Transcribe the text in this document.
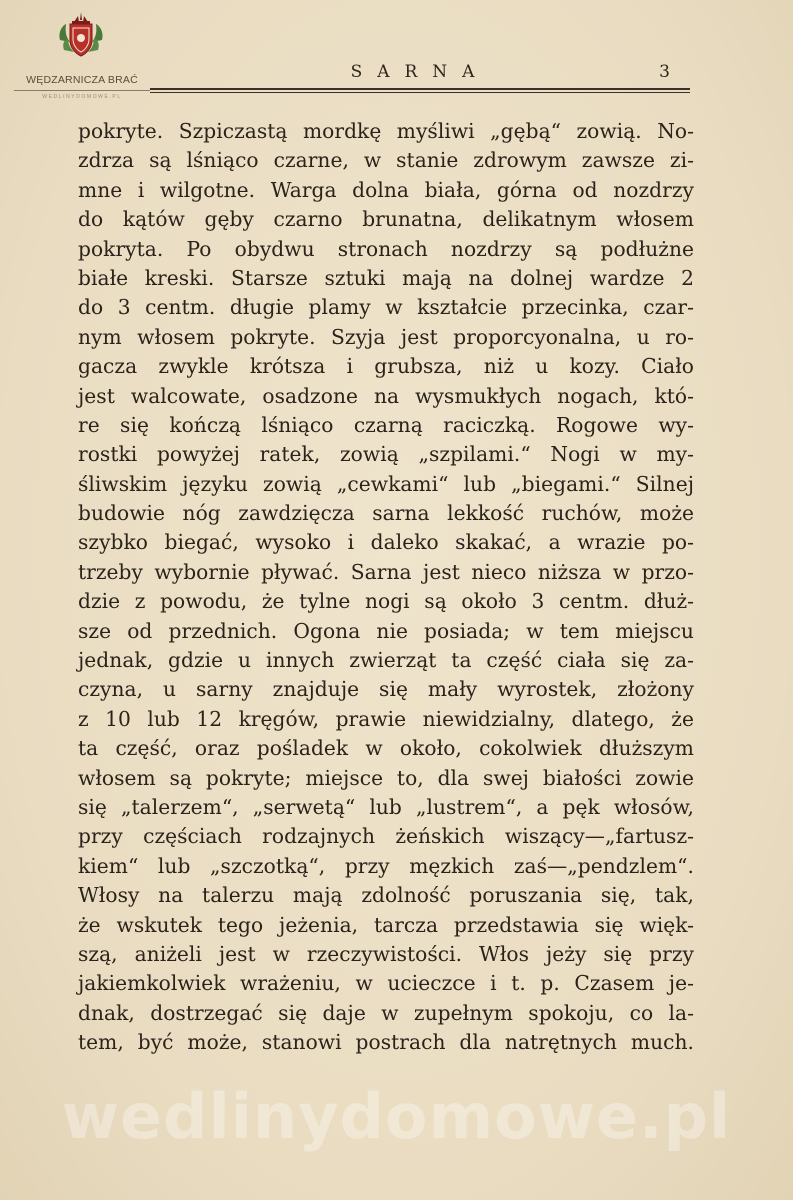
WĘDZARNICZA BRAĆ
WEDLINYDOMOWE.PL
SARNA	3
pokryte. Szpiczastą mordkę myśliwi „gębą“ zowią. No-
zdrza są lśniąco czarne, w stanie zdrowym zawsze zi-
mne i wilgotne. Warga dolna biała, górna od nozdrzy
do kątów gęby czarno brunatna, delikatnym włosem
pokryta. Po obydwu stronach nozdrzy są podłużne
białe kreski. Starsze sztuki mają na dolnej wardze 2
do 3 centm. długie plamy w kształcie przecinka, czar-
nym włosem pokryte. Szyja jest proporcyonalna, u ro-
gacza zwykle krótsza i grubsza, niż u kozy. Ciało
jest walcowate, osadzone na wysmukłych nogach, któ-
re się kończą lśniąco czarną raciczką. Rogowe wy-
rostki powyżej ratek, zowią „szpilami.“ Nogi w my-
śliwskim języku zowią „cewkami“ lub „biegami.“ Silnej
budowie nóg zawdzięcza sarna lekkość ruchów, może
szybko biegać, wysoko i daleko skakać, a wrazie po-
trzeby wybornie pływać. Sarna jest nieco niższa w przo-
dzie z powodu, że tylne nogi są około 3 centm. dłuż-
sze od przednich. Ogona nie posiada; w tem miejscu
jednak, gdzie u innych zwierząt ta część ciała się za-
czyna, u sarny znajduje się mały wyrostek, złożony
z 10 lub 12 kręgów, prawie niewidzialny, dlatego, że
ta część, oraz pośladek w około, cokolwiek dłuższym
włosem są pokryte; miejsce to, dla swej białości zowie
się „talerzem“, „serwetą“ lub „lustrem“, a pęk włosów,
przy częściach rodzajnych żeńskich wiszący—„fartusz-
kiem“ lub „szczotką“, przy męzkich zaś—„pendzlem“.
Włosy na talerzu mają zdolność poruszania się, tak,
że wskutek tego jeżenia, tarcza przedstawia się więk-
szą, aniżeli jest w rzeczywistości. Włos jeży się przy
jakiemkolwiek wrażeniu, w ucieczce i t. p. Czasem je-
dnak, dostrzegać się daje w zupełnym spokoju, co la-
tem, być może, stanowi postrach dla natrętnych much.
wedlinydomowe.pl
